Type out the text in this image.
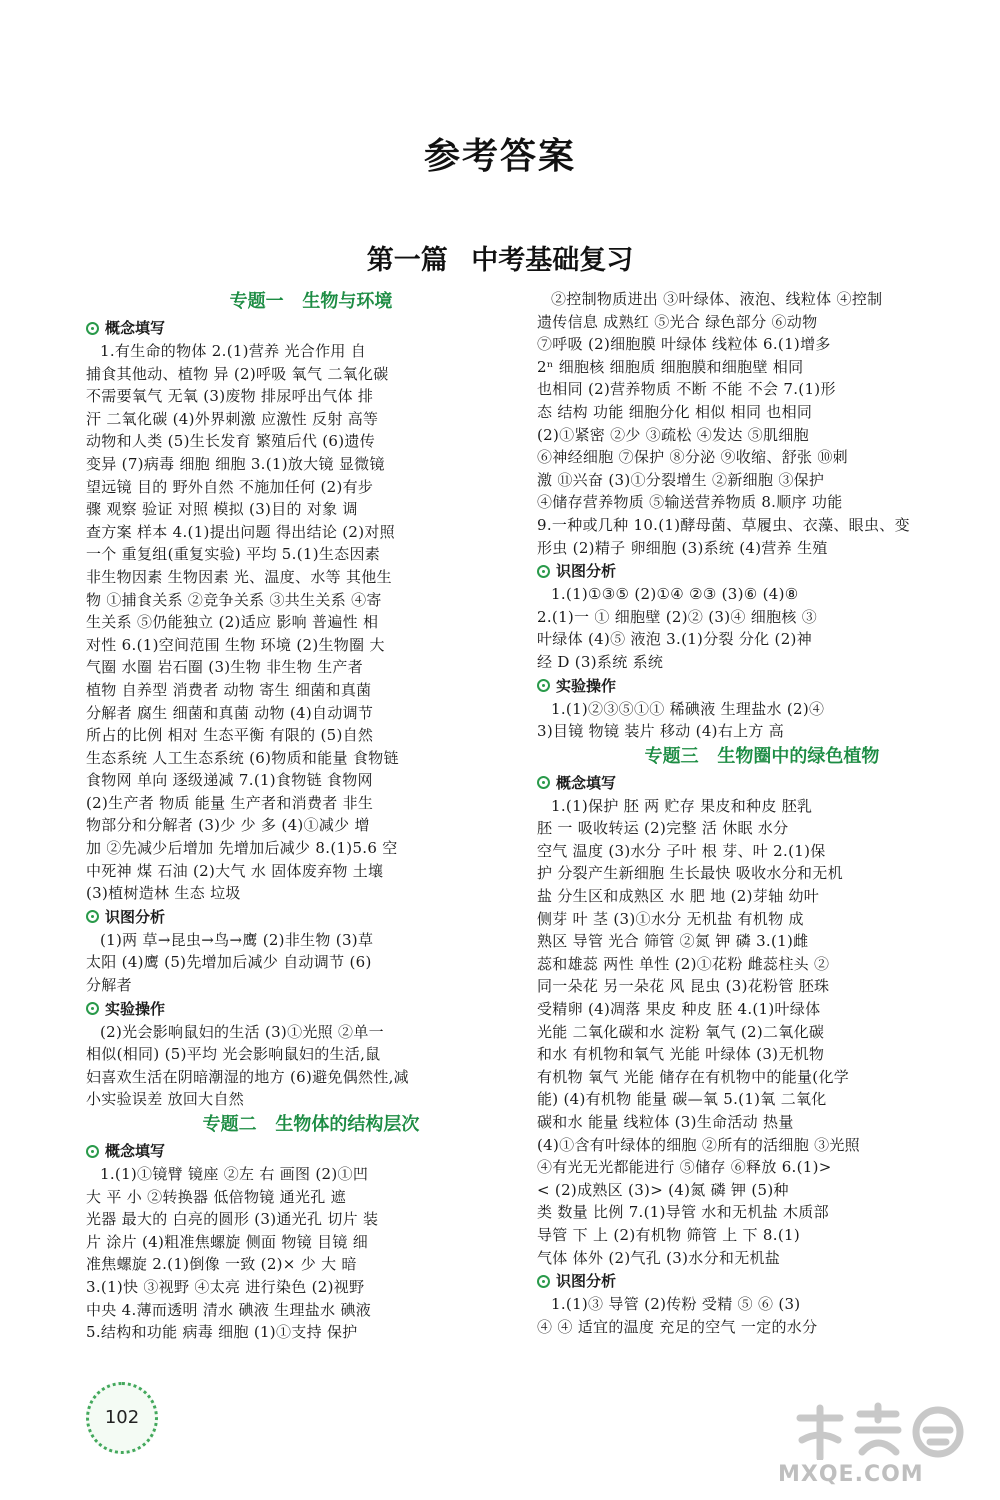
参考答案
第一篇 中考基础复习
专题一   生物与环境
概念填写
1.有生命的物体 2.(1)营养 光合作用 自
捕食其他动、植物 异 (2)呼吸 氧气 二氧化碳
不需要氧气 无氧 (3)废物 排尿呼出气体 排
汗 二氧化碳 (4)外界刺激 应激性 反射 高等
动物和人类 (5)生长发育 繁殖后代 (6)遗传
变异 (7)病毒 细胞 细胞 3.(1)放大镜 显微镜
望远镜 目的 野外自然 不施加任何 (2)有步
骤 观察 验证 对照 模拟 (3)目的 对象 调
查方案 样本 4.(1)提出问题 得出结论 (2)对照
一个 重复组(重复实验) 平均 5.(1)生态因素
非生物因素 生物因素 光、温度、水等 其他生
物 ①捕食关系 ②竞争关系 ③共生关系 ④寄
生关系 ⑤仍能独立 (2)适应 影响 普遍性 相
对性 6.(1)空间范围 生物 环境 (2)生物圈 大
气圈 水圈 岩石圈 (3)生物 非生物 生产者
植物 自养型 消费者 动物 寄生 细菌和真菌
分解者 腐生 细菌和真菌 动物 (4)自动调节
所占的比例 相对 生态平衡 有限的 (5)自然
生态系统 人工生态系统 (6)物质和能量 食物链
食物网 单向 逐级递减 7.(1)食物链 食物网
(2)生产者 物质 能量 生产者和消费者 非生
物部分和分解者 (3)少 少 多 (4)①减少 增
加 ②先减少后增加 先增加后减少 8.(1)5.6 空
中死神 煤 石油 (2)大气 水 固体废弃物 土壤
(3)植树造林 生态 垃圾
识图分析
(1)两 草→昆虫→鸟→鹰 (2)非生物 (3)草
太阳 (4)鹰 (5)先增加后减少 自动调节 (6)
分解者
实验操作
(2)光会影响鼠妇的生活 (3)①光照 ②单一
相似(相同) (5)平均 光会影响鼠妇的生活,鼠
妇喜欢生活在阴暗潮湿的地方 (6)避免偶然性,减
小实验误差 放回大自然
专题二   生物体的结构层次
概念填写
1.(1)①镜臂 镜座 ②左 右 画图 (2)①凹
大 平 小 ②转换器 低倍物镜 通光孔 遮
光器 最大的 白亮的圆形 (3)通光孔 切片 装
片 涂片 (4)粗准焦螺旋 侧面 物镜 目镜 细
准焦螺旋 2.(1)倒像 一致 (2)× 少 大 暗
3.(1)快 ③视野 ④太亮 进行染色 (2)视野
中央 4.薄而透明 清水 碘液 生理盐水 碘液
5.结构和功能 病毒 细胞 (1)①支持 保护
②控制物质进出 ③叶绿体、液泡、线粒体 ④控制
遗传信息 成熟红 ⑤光合 绿色部分 ⑥动物
⑦呼吸 (2)细胞膜 叶绿体 线粒体 6.(1)增多
2ⁿ 细胞核 细胞质 细胞膜和细胞壁 相同
也相同 (2)营养物质 不断 不能 不会 7.(1)形
态 结构 功能 细胞分化 相似 相同 也相同
(2)①紧密 ②少 ③疏松 ④发达 ⑤肌细胞
⑥神经细胞 ⑦保护 ⑧分泌 ⑨收缩、舒张 ⑩刺
激 ⑪兴奋 (3)①分裂增生 ②新细胞 ③保护
④储存营养物质 ⑤输送营养物质 8.顺序 功能
9.一种或几种 10.(1)酵母菌、草履虫、衣藻、眼虫、变
形虫 (2)精子 卵细胞 (3)系统 (4)营养 生殖
识图分析
1.(1)①③⑤ (2)①④ ②③ (3)⑥ (4)⑧
2.(1)一 ① 细胞壁 (2)② (3)④ 细胞核 ③
叶绿体 (4)⑤ 液泡 3.(1)分裂 分化 (2)神
经 D (3)系统 系统
实验操作
1.(1)②③⑤①① 稀碘液 生理盐水 (2)④
3)目镜 物镜 装片 移动 (4)右上方 高
专题三   生物圈中的绿色植物
概念填写
1.(1)保护 胚 两 贮存 果皮和种皮 胚乳
胚 一 吸收转运 (2)完整 活 休眠 水分
空气 温度 (3)水分 子叶 根 芽、叶 2.(1)保
护 分裂产生新细胞 生长最快 吸收水分和无机
盐 分生区和成熟区 水 肥 地 (2)芽轴 幼叶
侧芽 叶 茎 (3)①水分 无机盐 有机物 成
熟区 导管 光合 筛管 ②氮 钾 磷 3.(1)雌
蕊和雄蕊 两性 单性 (2)①花粉 雌蕊柱头 ②
同一朵花 另一朵花 风 昆虫 (3)花粉管 胚珠
受精卵 (4)凋落 果皮 种皮 胚 4.(1)叶绿体
光能 二氧化碳和水 淀粉 氧气 (2)二氧化碳
和水 有机物和氧气 光能 叶绿体 (3)无机物
有机物 氧气 光能 储存在有机物中的能量(化学
能) (4)有机物 能量 碳—氧 5.(1)氧 二氧化
碳和水 能量 线粒体 (3)生命活动 热量
(4)①含有叶绿体的细胞 ②所有的活细胞 ③光照
④有光无光都能进行 ⑤储存 ⑥释放 6.(1)>
< (2)成熟区 (3)> (4)氮 磷 钾 (5)种
类 数量 比例 7.(1)导管 水和无机盐 木质部
导管 下 上 (2)有机物 筛管 上 下 8.(1)
气体 体外 (2)气孔 (3)水分和无机盐
识图分析
1.(1)③ 导管 (2)传粉 受精 ⑤ ⑥ (3)
④ ④ 适宜的温度 充足的空气 一定的水分
102
MXQE.COM
